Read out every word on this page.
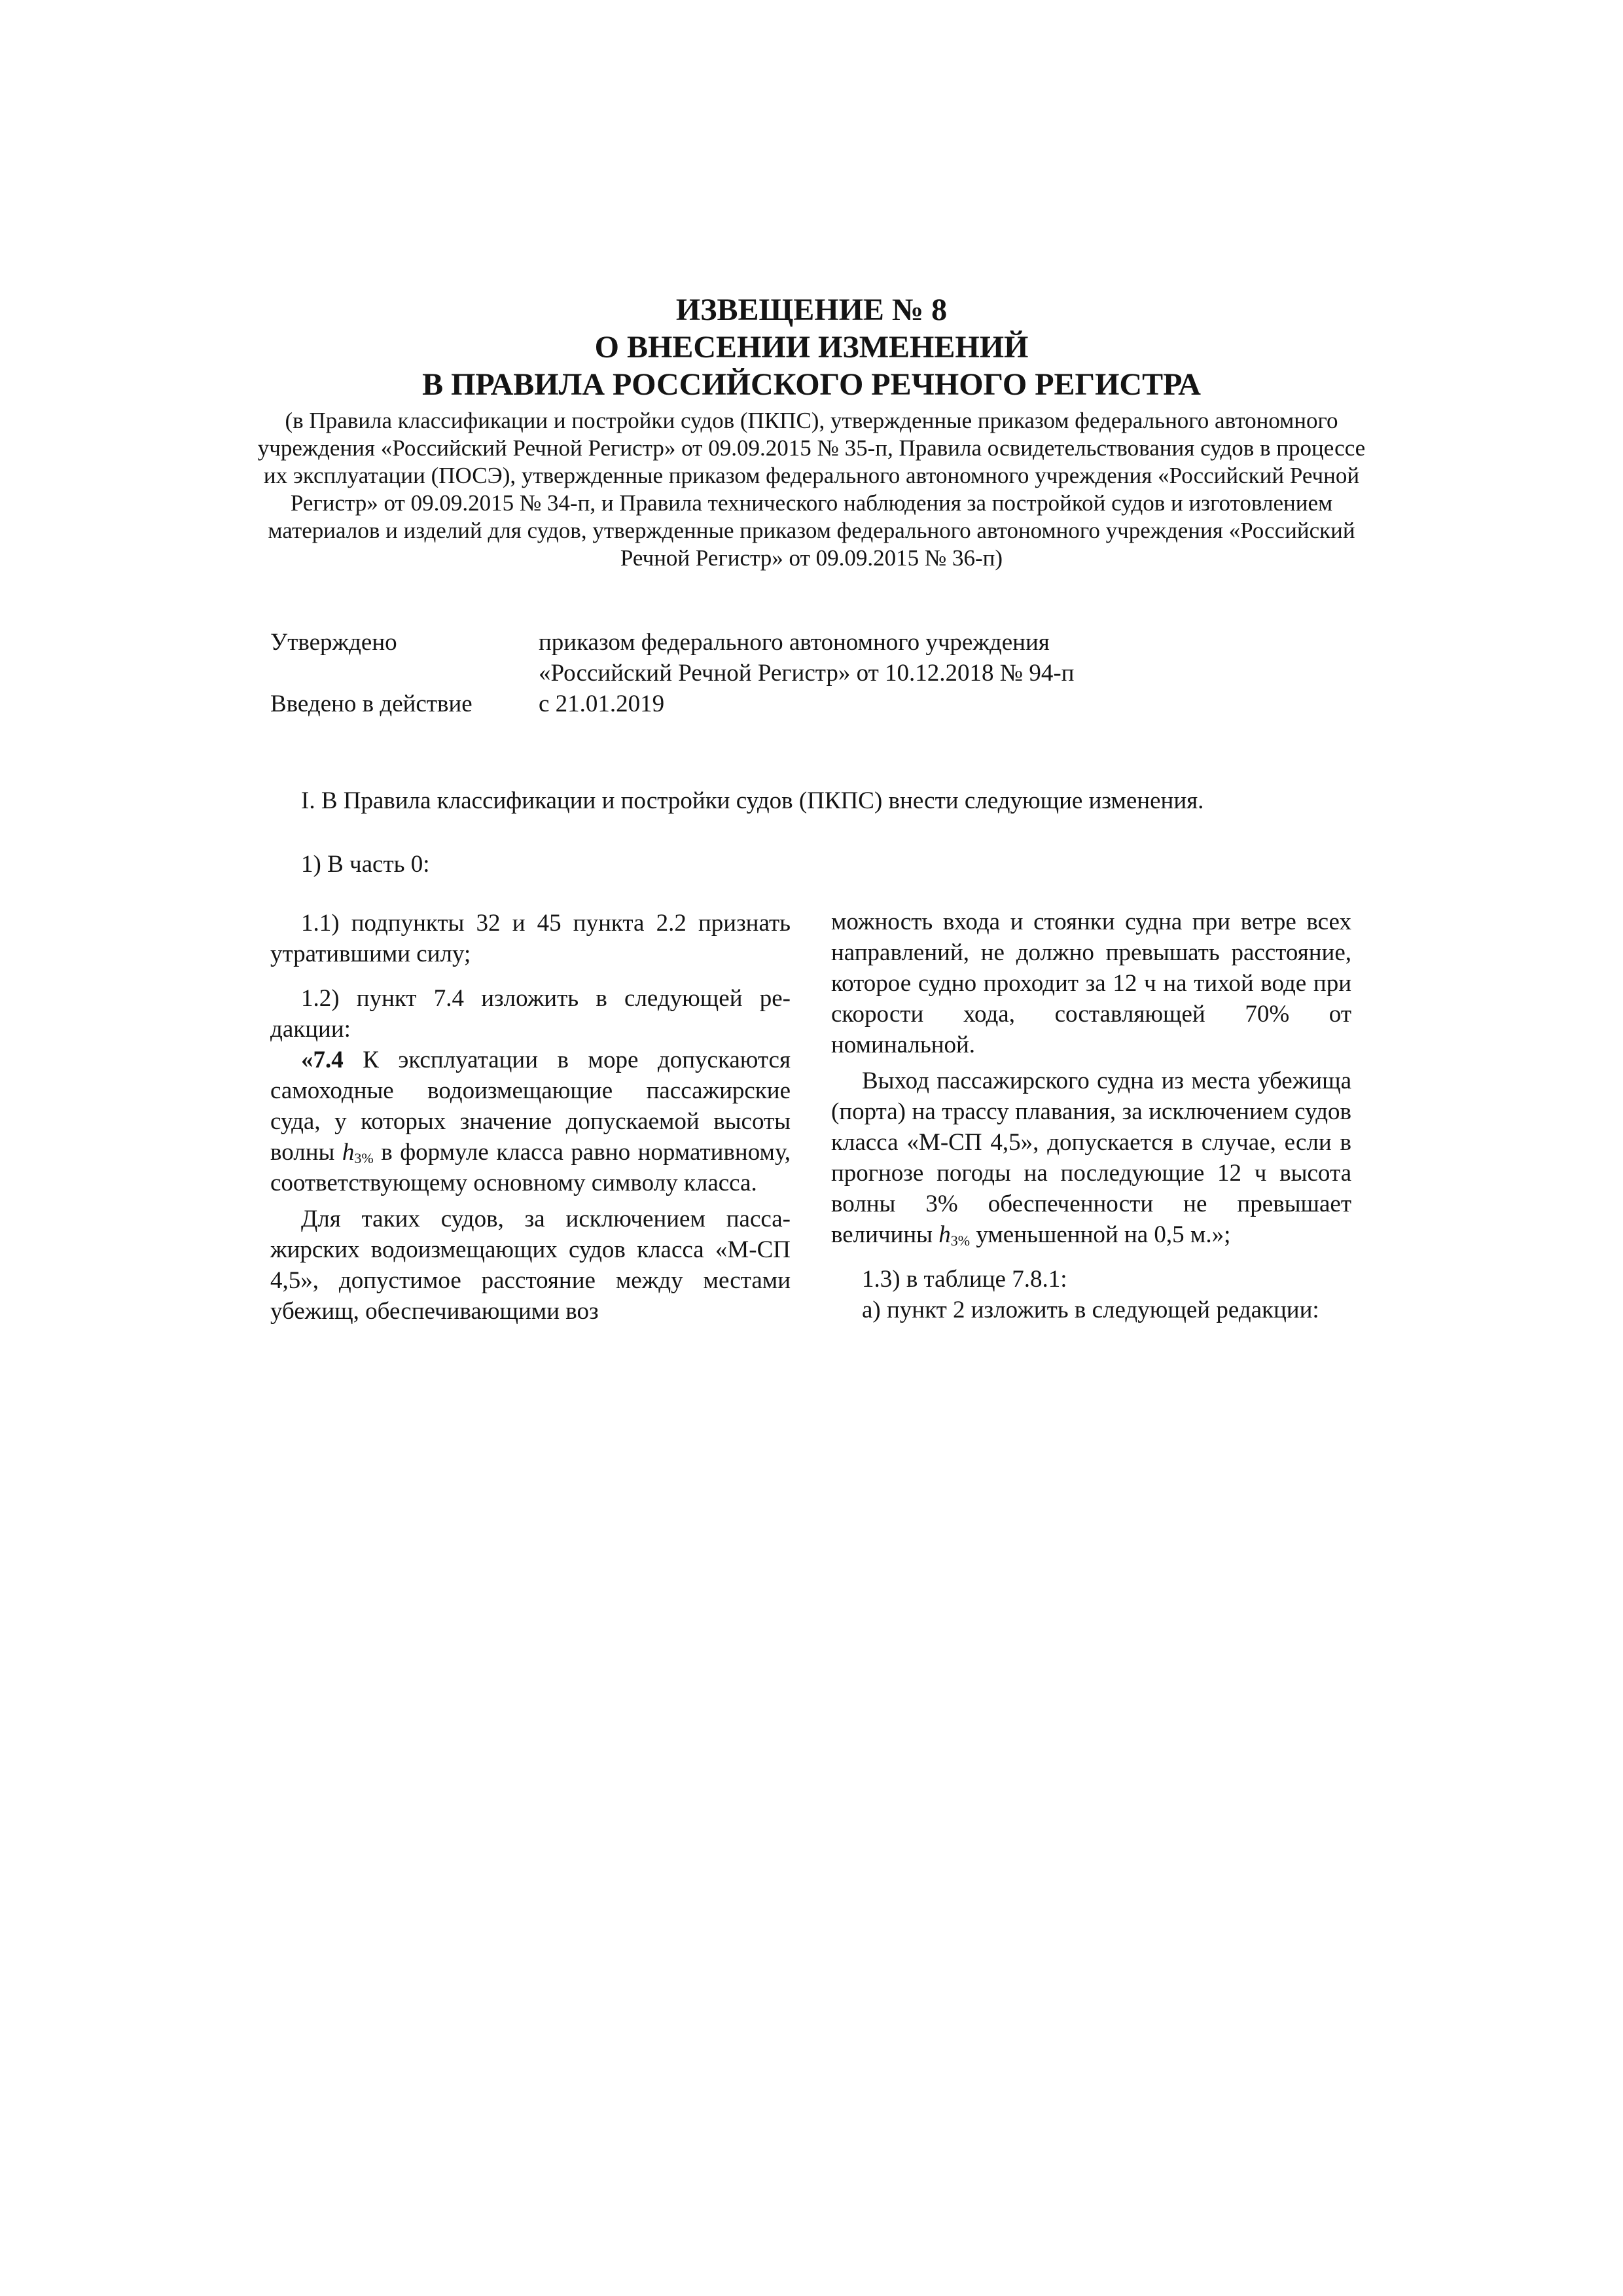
ИЗВЕЩЕНИЕ № 8
О ВНЕСЕНИИ ИЗМЕНЕНИЙ
В ПРАВИЛА РОССИЙСКОГО РЕЧНОГО РЕГИСТРА
(в Правила классификации и постройки судов (ПКПС), утвержденные приказом федерального автономного учреждения «Российский Речной Регистр» от 09.09.2015 № 35-п, Правила освидетельствования судов в процессе их эксплуатации (ПОСЭ), утвержденные приказом федерального автономного учреждения «Российский Речной Регистр» от 09.09.2015 № 34-п, и Правила технического наблюдения за постройкой судов и изготовлением материалов и изделий для судов, утвержденные приказом федерального автономного учреждения «Российский Речной Регистр» от 09.09.2015 № 36-п)
Утверждено	приказом федерального автономного учреждения
«Российский Речной Регистр» от 10.12.2018 № 94-п
Введено в действие	с 21.01.2019
I. В Правила классификации и постройки судов (ПКПС) внести следующие изменения.
1) В часть 0:

1.1) подпункты 32 и 45 пункта 2.2 признать утратившими силу;

1.2) пункт 7.4 изложить в следующей редакции:

«7.4 К эксплуатации в море допускаются самоходные водоизмещающие пассажирские суда, у которых значение допускаемой высоты волны $h_{3\%}$ в формуле класса равно нормативному, соответствующему основному символу класса.

Для таких судов, за исключением пассажирских водоизмещающих судов класса «М-СП 4,5», допустимое расстояние между местами убежищ, обеспечивающими воз

можность входа и стоянки судна при ветре всех направлений, не должно превышать расстояние, которое судно проходит за 12 ч на тихой воде при скорости хода, составляющей 70% от номинальной.

Выход пассажирского судна из места убежища (порта) на трассу плавания, за исключением судов класса «М-СП 4,5», допускается в случае, если в прогнозе погоды на последующие 12 ч высота волны 3% обеспеченности не превышает величины $h_{3\%}$ уменьшенной на 0,5 м.»;

1.3) в таблице 7.8.1:

а) пункт 2 изложить в следующей редакции:
